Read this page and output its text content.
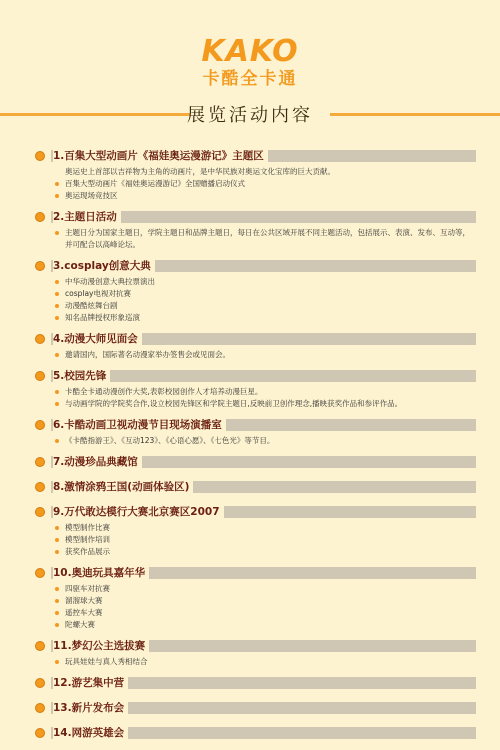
KAKO
卡酷全卡通
展览活动内容
1.百集大型动画片《福娃奥运漫游记》主题区
奥运史上首部以吉祥物为主角的动画片，是中华民族对奥运文化宝库的巨大贡献。
百集大型动画片《福娃奥运漫游记》全国赠播启动仪式
奥运现场竞技区
2.主题日活动
主题日分为国家主题日，学院主题日和品牌主题日，每日在公共区域开展不同主题活动，包括展示、表演、发布、互动等，并可配合以高峰论坛。
3.cosplay创意大典
中华动漫创意大典拉票演出
cosplay电视对抗赛
动漫酷炫舞台剧
知名品牌授权形象巡演
4.动漫大师见面会
邀请国内，国际著名动漫家举办签售会或见面会。
5.校园先锋
卡酷全卡通动漫创作大奖,表彰校园创作人才培养动漫巨星。
与动画学院的学院奖合作,设立校园先锋区和学院主题日,反映前卫创作理念,播映获奖作品和参评作品。
6.卡酷动画卫视动漫节目现场演播室
《卡酷指游王》、《互动123》、《心语心愿》、《七色光》等节目。
7.动漫珍品典藏馆
8.激情涂鸦王国(动画体验区)
9.万代敢达模行大赛北京赛区2007
模型制作比赛
模型制作培训
获奖作品展示
10.奥迪玩具嘉年华
四驱车对抗赛
溜溜球大赛
遥控车大赛
陀螺大赛
11.梦幻公主选拔赛
玩具娃娃与真人秀相结合
12.游艺集中营
13.新片发布会
14.网游英雄会
